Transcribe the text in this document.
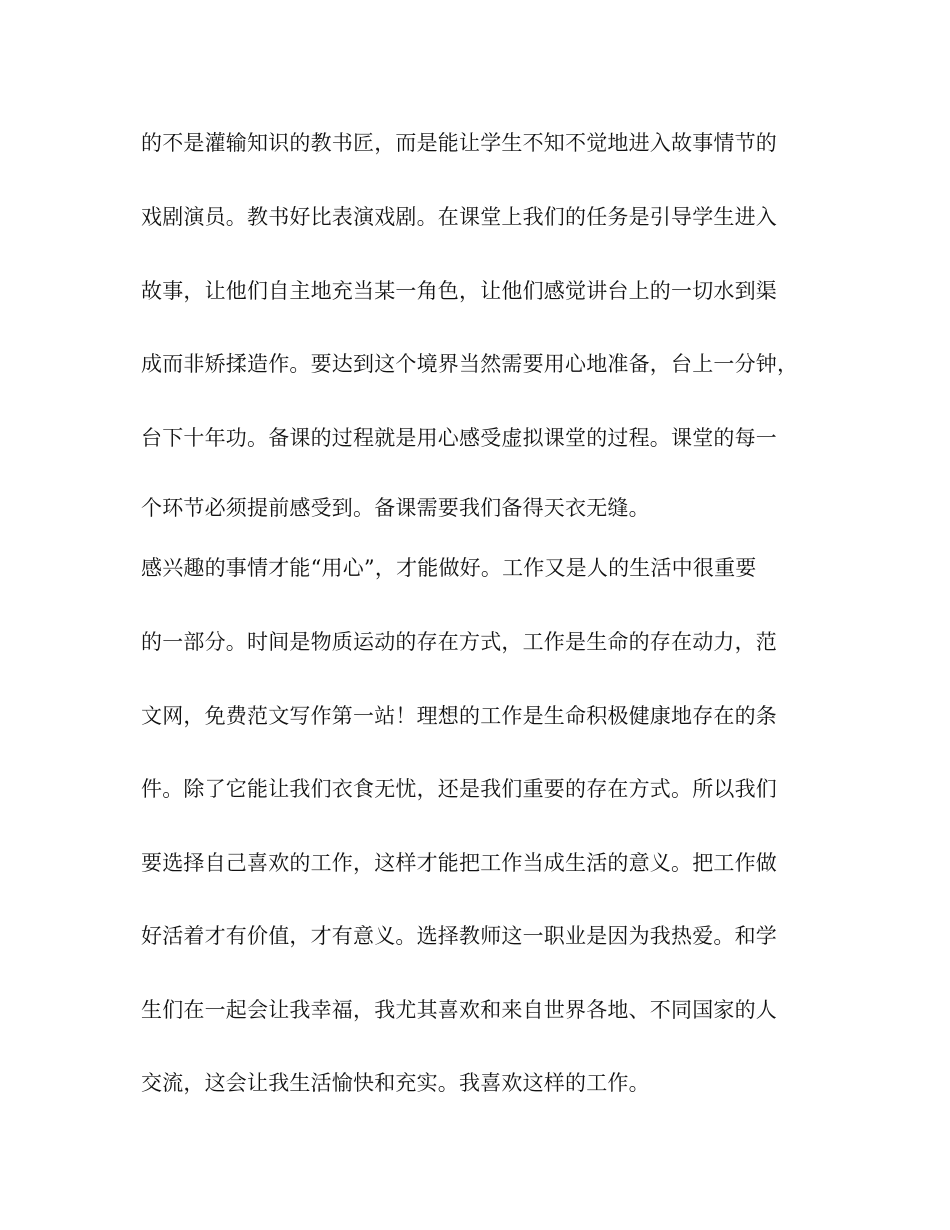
的不是灌输知识的教书匠，而是能让学生不知不觉地进入故事情节的
戏剧演员。教书好比表演戏剧。在课堂上我们的任务是引导学生进入
故事，让他们自主地充当某一角色，让他们感觉讲台上的一切水到渠
成而非矫揉造作。要达到这个境界当然需要用心地准备，台上一分钟，
台下十年功。备课的过程就是用心感受虚拟课堂的过程。课堂的每一
个环节必须提前感受到。备课需要我们备得天衣无缝。
感兴趣的事情才能“用心”，才能做好。工作又是人的生活中很重要
的一部分。时间是物质运动的存在方式，工作是生命的存在动力，范
文网，免费范文写作第一站！理想的工作是生命积极健康地存在的条
件。除了它能让我们衣食无忧，还是我们重要的存在方式。所以我们
要选择自己喜欢的工作，这样才能把工作当成生活的意义。把工作做
好活着才有价值，才有意义。选择教师这一职业是因为我热爱。和学
生们在一起会让我幸福，我尤其喜欢和来自世界各地、不同国家的人
交流，这会让我生活愉快和充实。我喜欢这样的工作。
